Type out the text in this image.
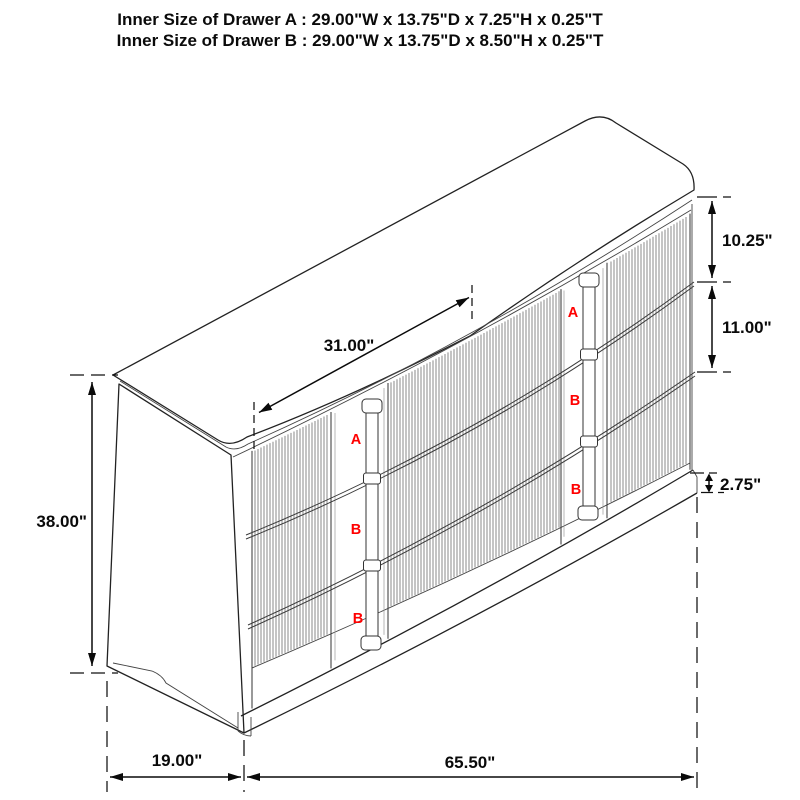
Inner Size of Drawer A : 29.00"W x 13.75"D x 7.25"H x 0.25"T
Inner Size of Drawer B : 29.00"W x 13.75"D x 8.50"H x 0.25"T
A
B
B
A
B
B
31.00"
10.25"
11.00"
2.75"
38.00"
19.00"	65.50"
